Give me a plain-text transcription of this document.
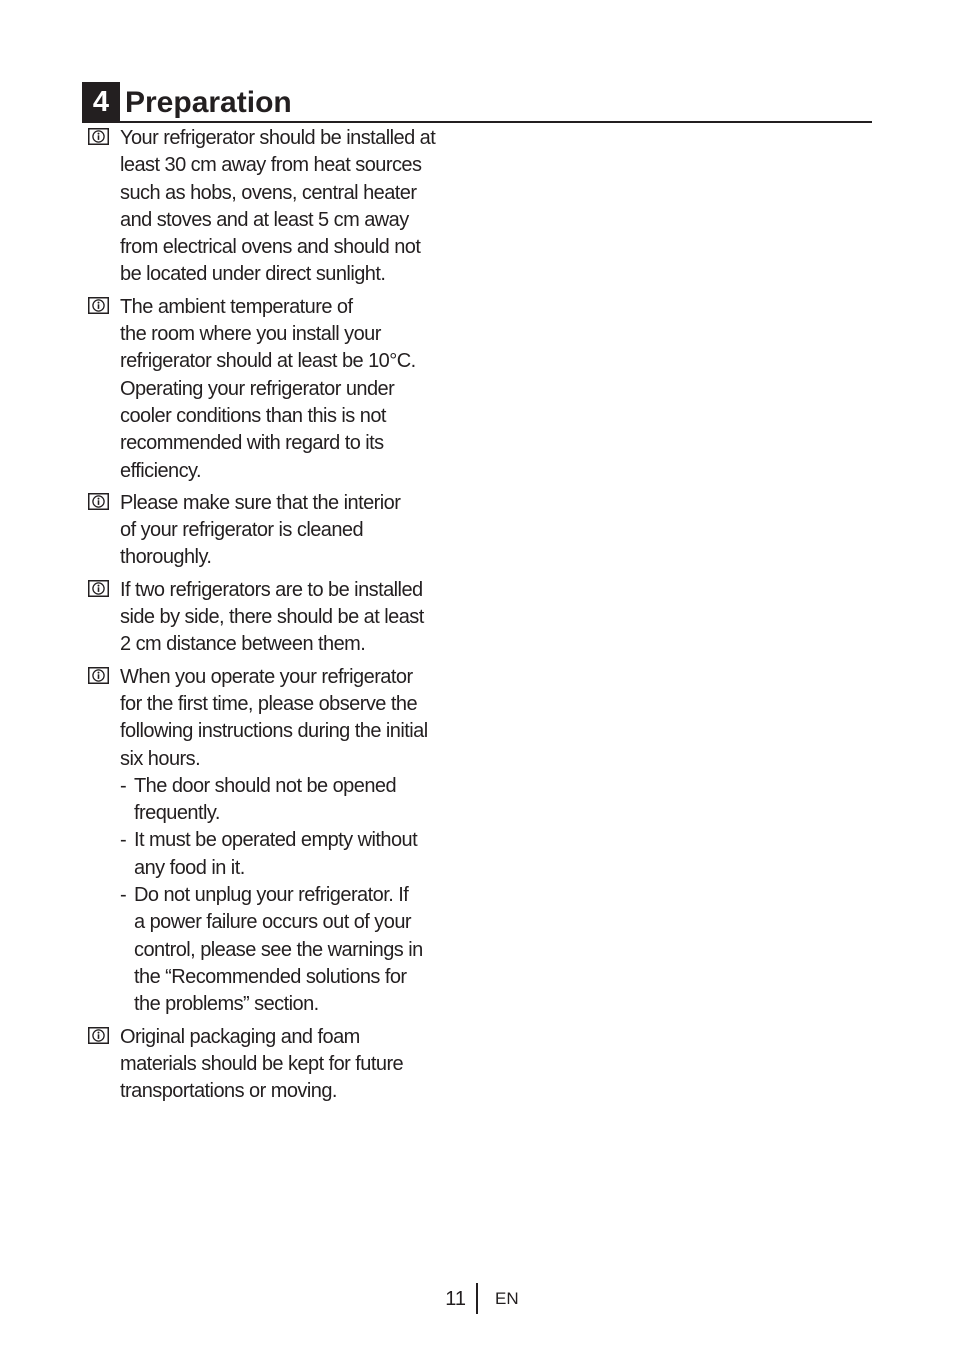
4 Preparation
Your refrigerator should be installed at
least 30 cm away from heat sources
such as hobs, ovens, central heater
and stoves and at least 5 cm away
from electrical ovens and should not
be located under direct sunlight.
The ambient temperature of
the room where you install your
refrigerator should at least be 10°C.
Operating your refrigerator under
cooler conditions than this is not
recommended with regard to its
efficiency.
Please make sure that the interior
of your refrigerator is cleaned
thoroughly.
If two refrigerators are to be installed
side by side, there should be at least
2 cm distance between them.
When you operate your refrigerator
for the first time, please observe the
following instructions during the initial
six hours.
- The door should not be opened
frequently.
- It must be operated empty without
any food in it.
- Do not unplug your refrigerator. If
a power failure occurs out of your
control, please see the warnings in
the “Recommended solutions for
the problems” section.
Original packaging and foam
materials should be kept for future
transportations or moving.
11 EN
